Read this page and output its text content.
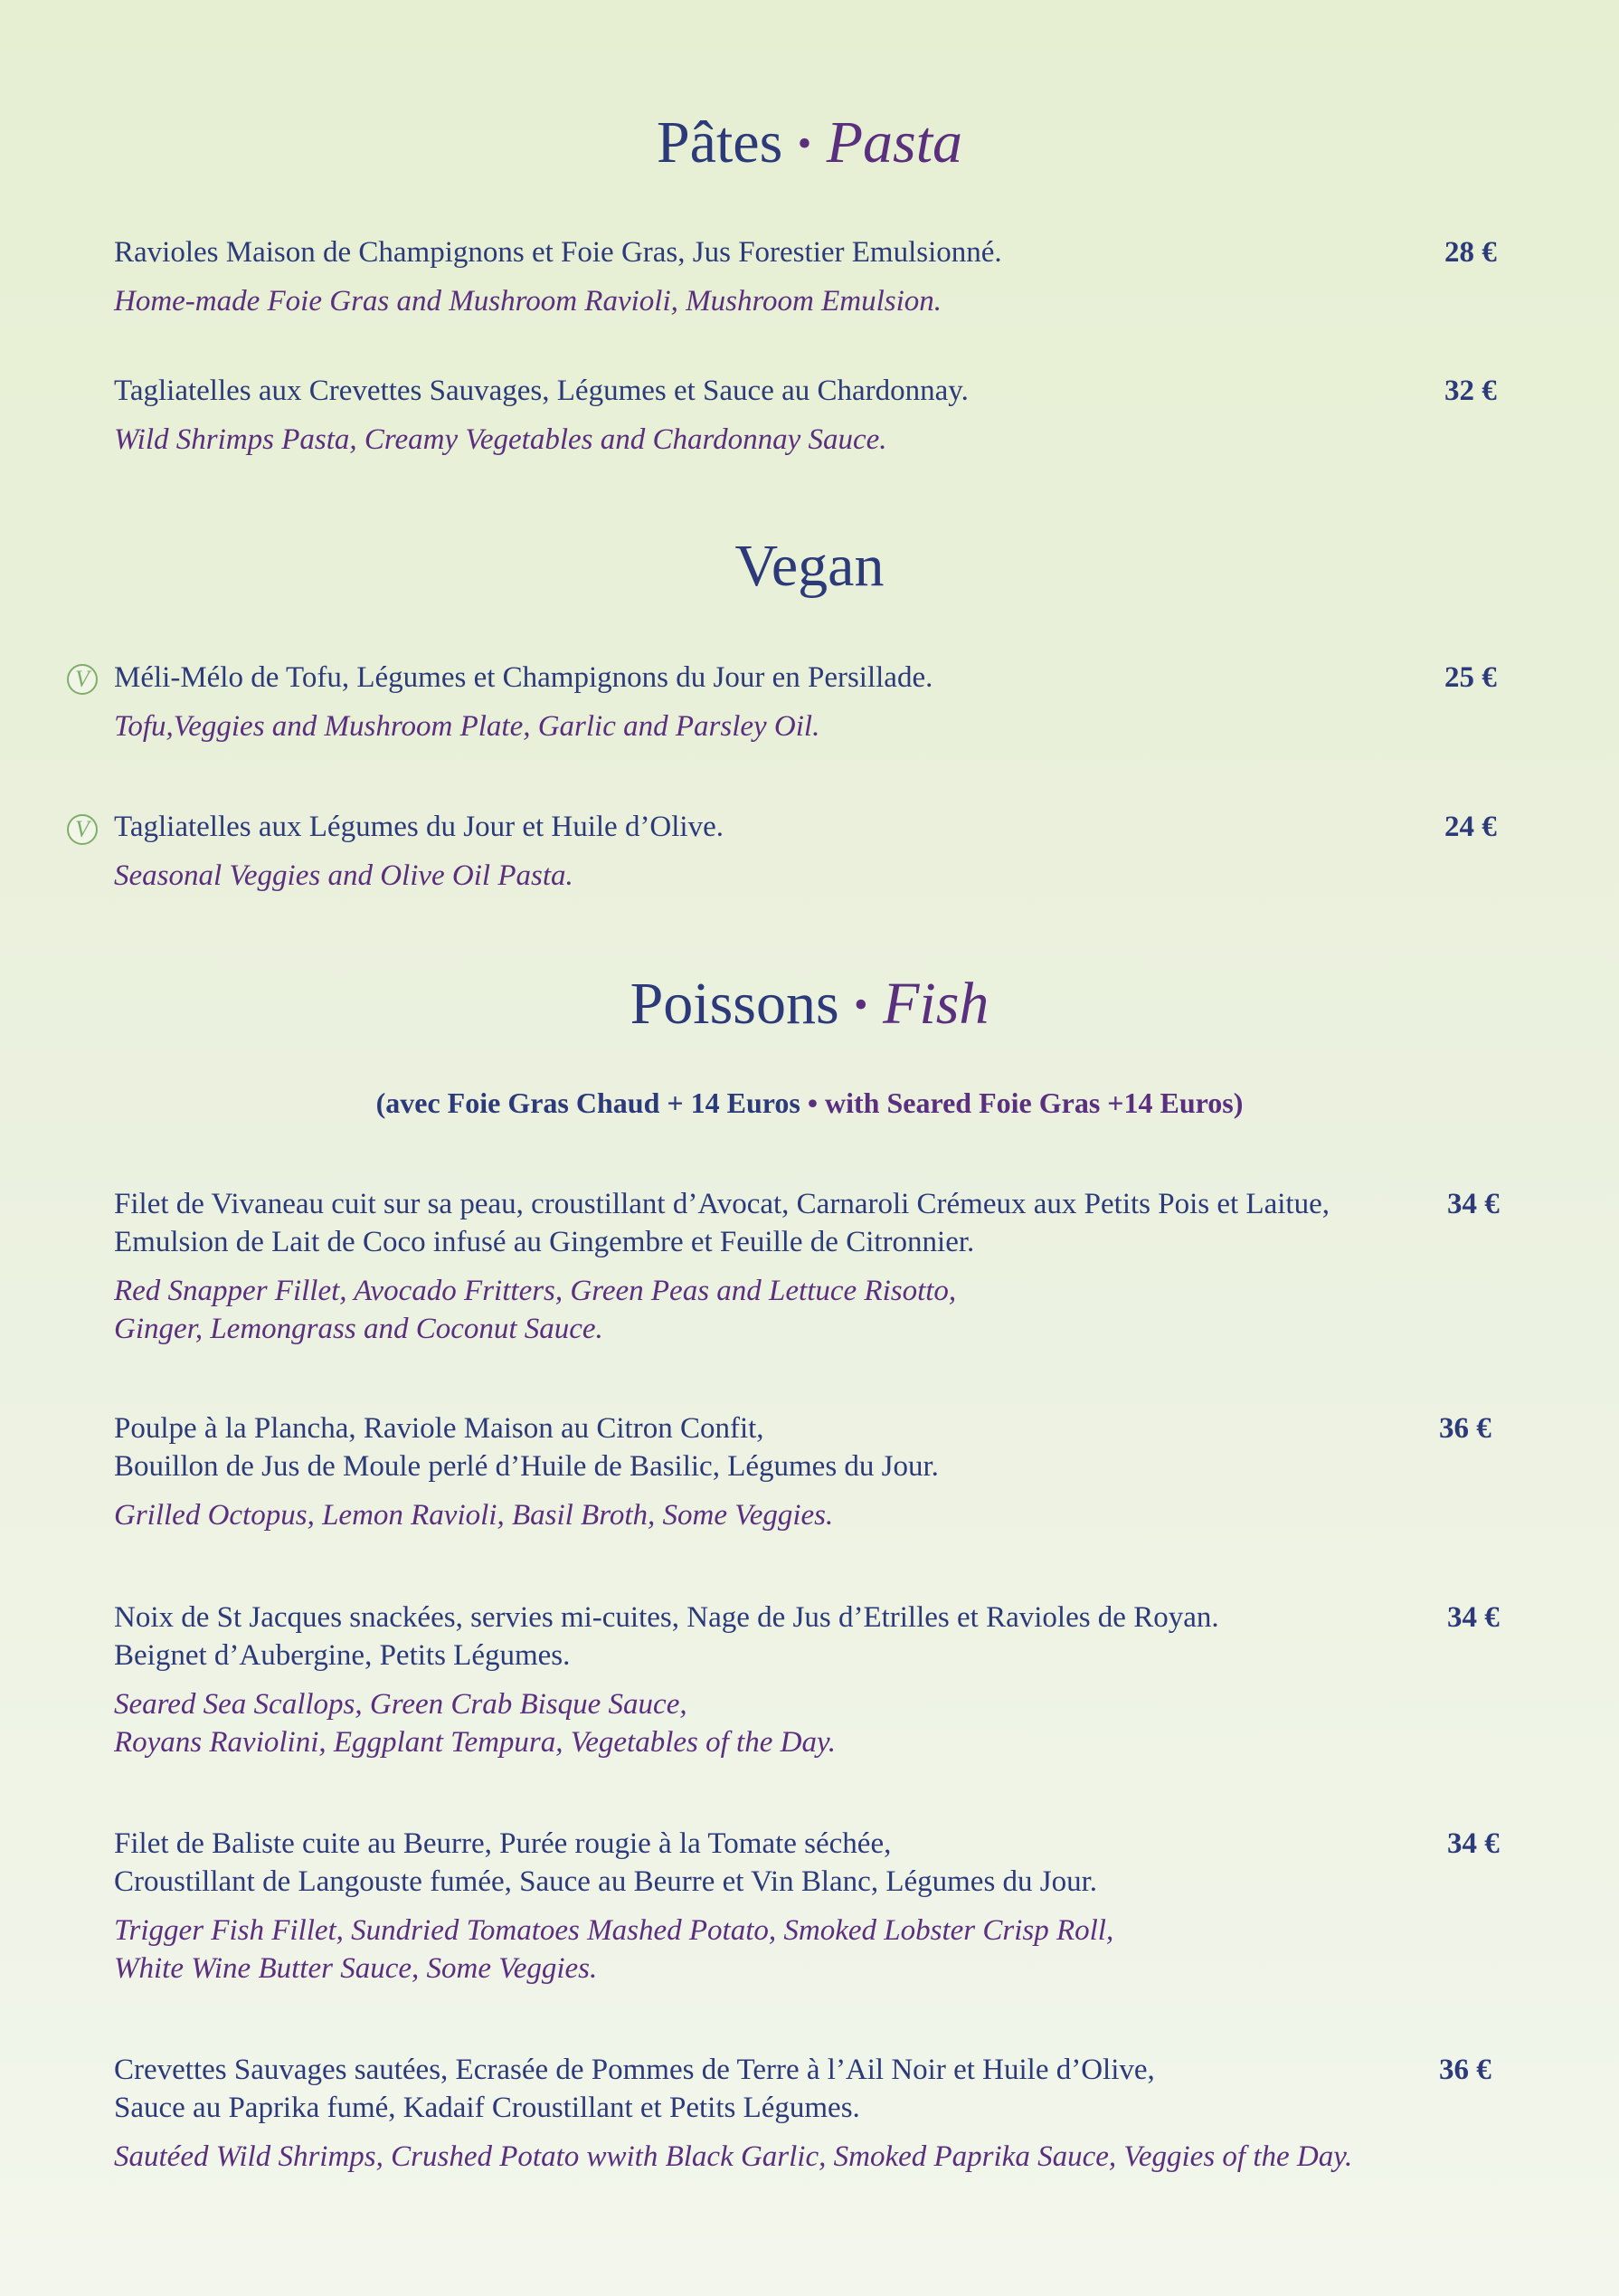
Pâtes • Pasta

Ravioles Maison de Champignons et Foie Gras, Jus Forestier Emulsionné.

Home-made Foie Gras and Mushroom Ravioli, Mushroom Emulsion.

28 €

Tagliatelles aux Crevettes Sauvages, Légumes et Sauce au Chardonnay.

Wild Shrimps Pasta, Creamy Vegetables and Chardonnay Sauce.

32 €
Vegan
V Méli-Mélo de Tofu, Légumes et Champignons du Jour en Persillade.

Tofu,Veggies and Mushroom Plate, Garlic and Parsley Oil.

25 €
V Tagliatelles aux Légumes du Jour et Huile d’Olive.

Seasonal Veggies and Olive Oil Pasta.

24 €
Poissons • Fish
(avec Foie Gras Chaud + 14 Euros • with Seared Foie Gras +14 Euros)

Filet de Vivaneau cuit sur sa peau, croustillant d’Avocat, Carnaroli Crémeux aux Petits Pois et Laitue,
Emulsion de Lait de Coco infusé au Gingembre et Feuille de Citronnier.

Red Snapper Fillet, Avocado Fritters, Green Peas and Lettuce Risotto,
Ginger, Lemongrass and Coconut Sauce.

34 €

Poulpe à la Plancha, Raviole Maison au Citron Confit,
Bouillon de Jus de Moule perlé d’Huile de Basilic, Légumes du Jour.

Grilled Octopus, Lemon Ravioli, Basil Broth, Some Veggies.

36 €

Noix de St Jacques snackées, servies mi-cuites, Nage de Jus d’Etrilles et Ravioles de Royan.
Beignet d’Aubergine, Petits Légumes.

Seared Sea Scallops, Green Crab Bisque Sauce,
Royans Raviolini, Eggplant Tempura, Vegetables of the Day.

34 €

Filet de Baliste cuite au Beurre, Purée rougie à la Tomate séchée,
Croustillant de Langouste fumée, Sauce au Beurre et Vin Blanc, Légumes du Jour.

Trigger Fish Fillet, Sundried Tomatoes Mashed Potato, Smoked Lobster Crisp Roll,
White Wine Butter Sauce, Some Veggies.

34 €

Crevettes Sauvages sautées, Ecrasée de Pommes de Terre à l’Ail Noir et Huile d’Olive,
Sauce au Paprika fumé, Kadaif Croustillant et Petits Légumes.

Sautéed Wild Shrimps, Crushed Potato wwith Black Garlic, Smoked Paprika Sauce, Veggies of the Day.

36 €
